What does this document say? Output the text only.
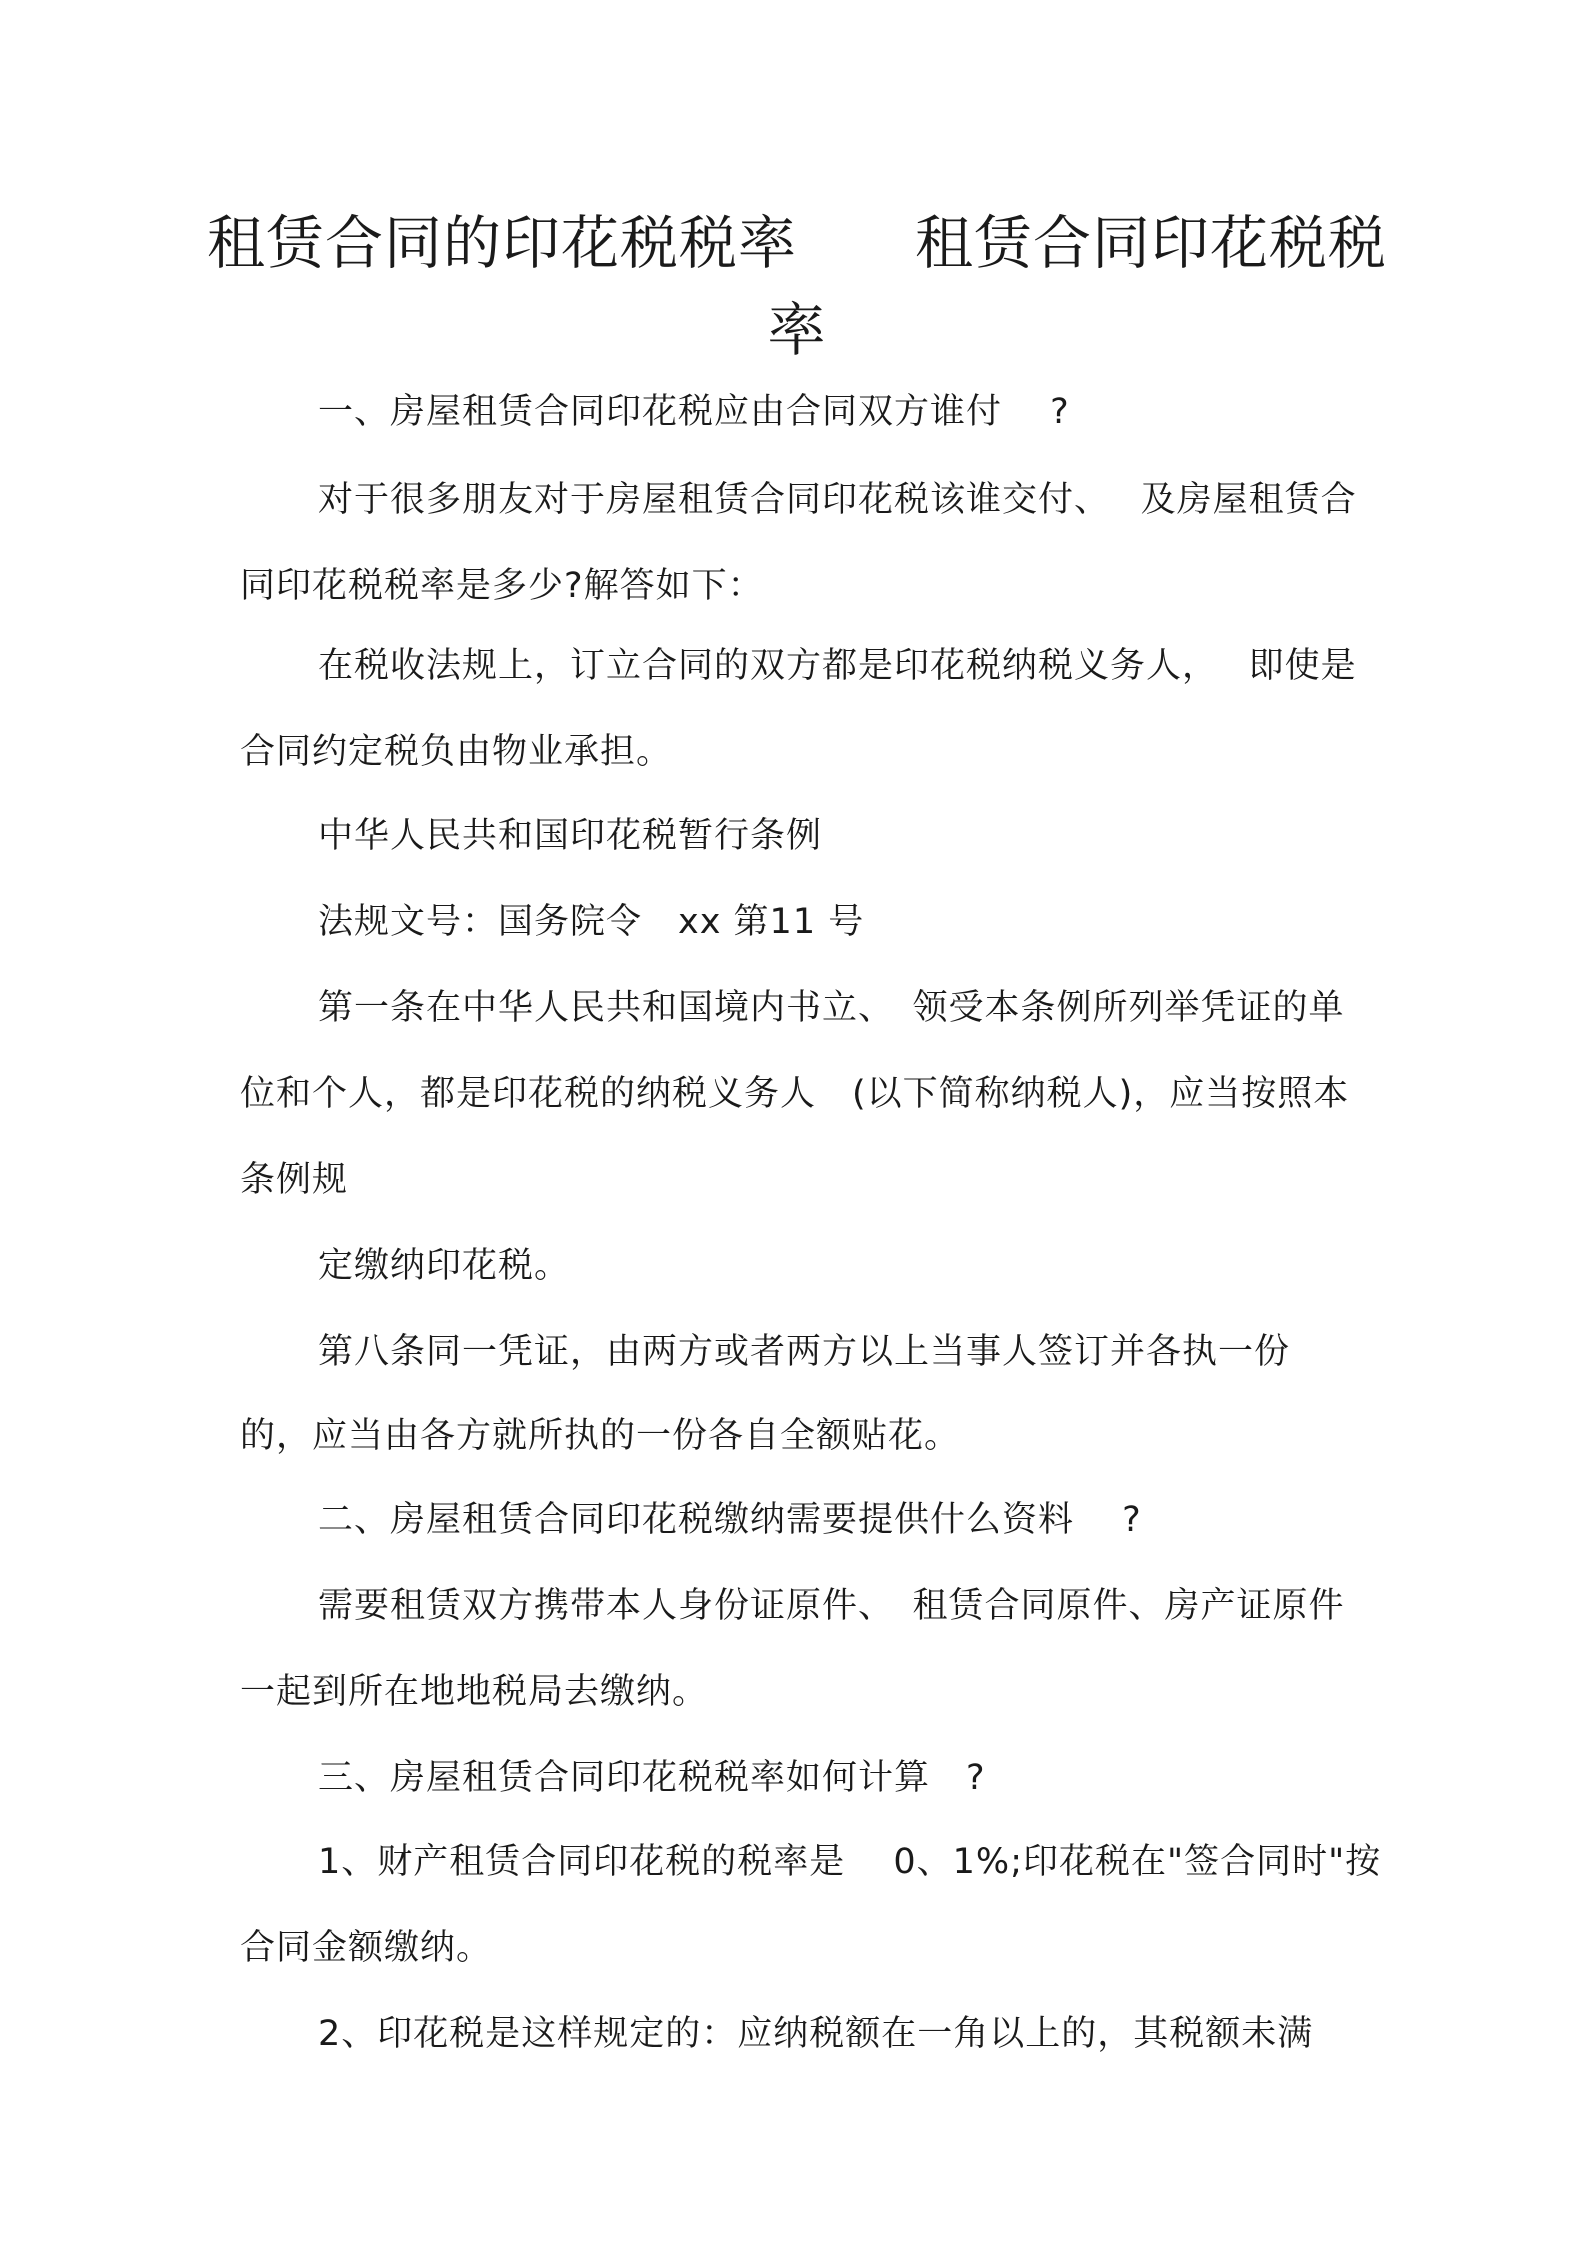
租赁合同的印花税税率　　租赁合同印花税税
率
一、房屋租赁合同印花税应由合同双方谁付　 ?
对于很多朋友对于房屋租赁合同印花税该谁交付、　 及房屋租赁合
同印花税税率是多少?解答如下：
在税收法规上，订立合同的双方都是印花税纳税义务人，　 即使是
合同约定税负由物业承担。
中华人民共和国印花税暂行条例
法规文号：国务院令　xx 第11 号
第一条在中华人民共和国境内书立、　领受本条例所列举凭证的单
位和个人，都是印花税的纳税义务人　(以下简称纳税人)，应当按照本
条例规
定缴纳印花税。
第八条同一凭证，由两方或者两方以上当事人签订并各执一份
的，应当由各方就所执的一份各自全额贴花。
二、房屋租赁合同印花税缴纳需要提供什么资料　 ?
需要租赁双方携带本人身份证原件、　租赁合同原件、房产证原件
一起到所在地地税局去缴纳。
三、房屋租赁合同印花税税率如何计算　?
1、财产租赁合同印花税的税率是　 0、1%;印花税在"签合同时"按
合同金额缴纳。
2、印花税是这样规定的：应纳税额在一角以上的，其税额未满
